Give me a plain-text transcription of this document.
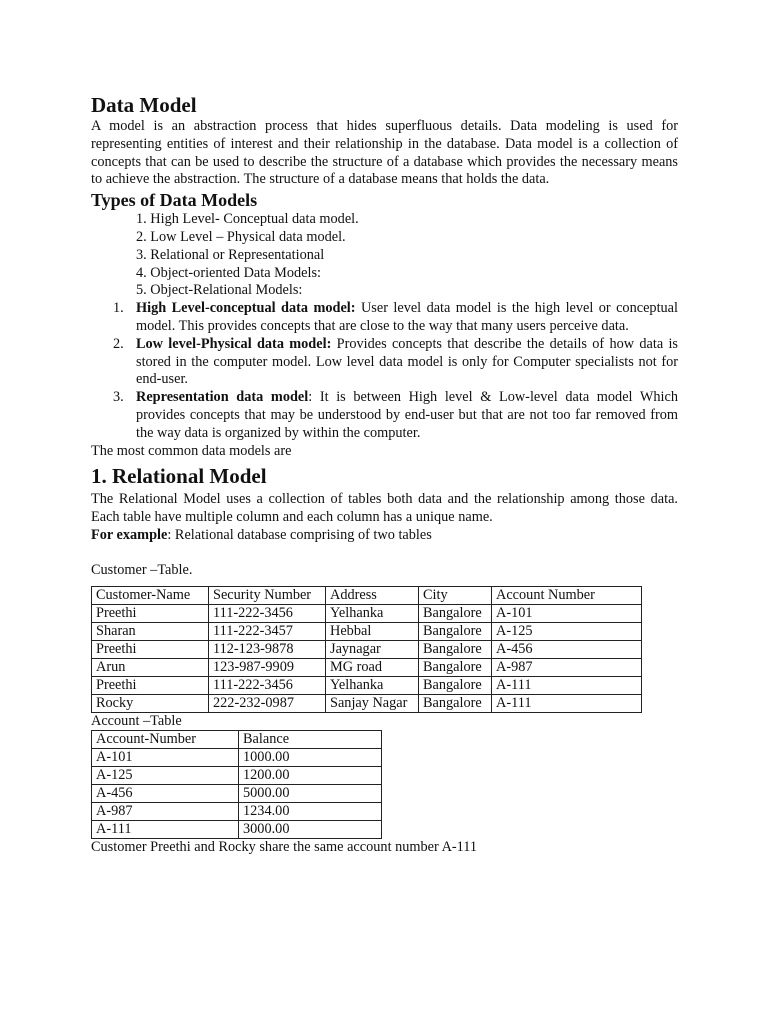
Data Model

A model is an abstraction process that hides superfluous details. Data modeling is used for representing entities of interest and their relationship in the database. Data model is a collection of concepts that can be used to describe the structure of a database which provides the necessary means to achieve the abstraction. The structure of a database means that holds the data.

Types of Data Models
1. High Level- Conceptual data model.
2. Low Level – Physical data model.
3. Relational or Representational
4. Object-oriented Data Models:
5. Object-Relational Models:
1. High Level-conceptual data model: User level data model is the high level or conceptual model. This provides concepts that are close to the way that many users perceive data.
2. Low level-Physical data model: Provides concepts that describe the details of how data is stored in the computer model. Low level data model is only for Computer specialists not for end-user.
3. Representation data model: It is between High level & Low-level data model Which provides concepts that may be understood by end-user but that are not too far removed from the way data is organized by within the computer.

The most common data models are

1. Relational Model

The Relational Model uses a collection of tables both data and the relationship among those data. Each table have multiple column and each column has a unique name.

For example: Relational database comprising of two tables

Customer –Table.

Customer-Name	Security Number	Address	City	Account Number
Preethi	111-222-3456	Yelhanka	Bangalore	A-101
Sharan	111-222-3457	Hebbal	Bangalore	A-125
Preethi	112-123-9878	Jaynagar	Bangalore	A-456
Arun	123-987-9909	MG road	Bangalore	A-987
Preethi	111-222-3456	Yelhanka	Bangalore	A-111
Rocky	222-232-0987	Sanjay Nagar	Bangalore	A-111

Account –Table

Account-Number	Balance
A-101	1000.00
A-125	1200.00
A-456	5000.00
A-987	1234.00
A-111	3000.00

Customer Preethi and Rocky share the same account number A-111
